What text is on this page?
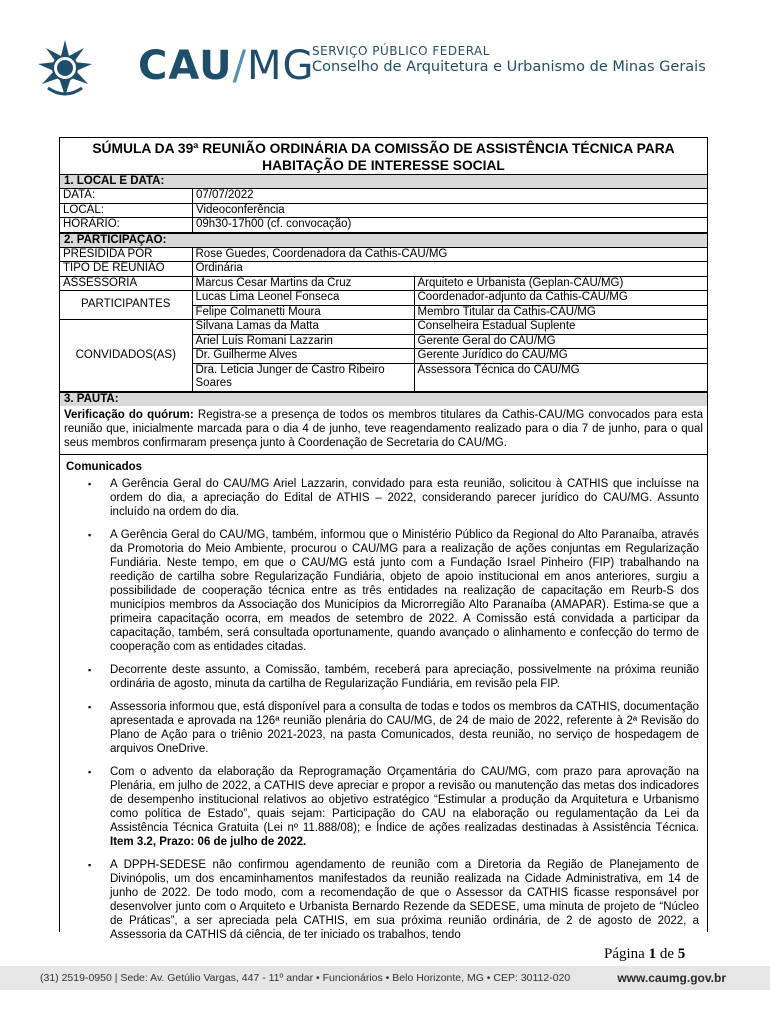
CAU/MG
SERVIÇO PÚBLICO FEDERAL
Conselho de Arquitetura e Urbanismo de Minas Gerais
SÚMULA DA 39ª REUNIÃO ORDINÁRIA DA COMISSÃO DE ASSISTÊNCIA TÉCNICA PARA HABITAÇÃO DE INTERESSE SOCIAL
1. LOCAL E DATA:
DATA:	07/07/2022
LOCAL:	Videoconferência
HORÁRIO:	09h30-17h00 (cf. convocação)
2. PARTICIPAÇÃO:
PRESIDIDA POR	Rose Guedes, Coordenadora da Cathis-CAU/MG	
TIPO DE REUNIÃO	Ordinária	
ASSESSORIA	Marcus Cesar Martins da Cruz	Arquiteto e Urbanista (Geplan-CAU/MG)
PARTICIPANTES	Lucas Lima Leonel Fonseca	Coordenador-adjunto da Cathis-CAU/MG
	Felipe Colmanetti Moura	Membro Titular da Cathis-CAU/MG
CONVIDADOS(AS)	Silvana Lamas da Matta	Conselheira Estadual Suplente
	Ariel Luís Romani Lazzarin	Gerente Geral do CAU/MG
	Dr. Guilherme Alves	Gerente Jurídico do CAU/MG
	Dra. Leticia Junger de Castro Ribeiro Soares	Assessora Técnica do CAU/MG
3. PAUTA:
Verificação do quórum: Registra-se a presença de todos os membros titulares da Cathis-CAU/MG convocados para esta reunião que, inicialmente marcada para o dia 4 de junho, teve reagendamento realizado para o dia 7 de junho, para o qual seus membros confirmaram presença junto à Coordenação de Secretaria do CAU/MG.
Comunicados
▪ A Gerência Geral do CAU/MG Ariel Lazzarin, convidado para esta reunião, solicitou à CATHIS que incluísse na ordem do dia, a apreciação do Edital de ATHIS – 2022, considerando parecer jurídico do CAU/MG. Assunto incluído na ordem do dia.
▪ A Gerência Geral do CAU/MG, também, informou que o Ministério Público da Regional do Alto Paranaíba, através da Promotoria do Meio Ambiente, procurou o CAU/MG para a realização de ações conjuntas em Regularização Fundiária. Neste tempo, em que o CAU/MG está junto com a Fundação Israel Pinheiro (FIP) trabalhando na reedição de cartilha sobre Regularização Fundiária, objeto de apoio institucional em anos anteriores, surgiu a possibilidade de cooperação técnica entre as três entidades na realização de capacitação em Reurb-S dos municípios membros da Associação dos Municípios da Microrregião Alto Paranaíba (AMAPAR). Estima-se que a primeira capacitação ocorra, em meados de setembro de 2022. A Comissão está convidada a participar da capacitação, também, será consultada oportunamente, quando avançado o alinhamento e confecção do termo de cooperação com as entidades citadas.
▪ Decorrente deste assunto, a Comissão, também, receberá para apreciação, possivelmente na próxima reunião ordinária de agosto, minuta da cartilha de Regularização Fundiária, em revisão pela FIP.
▪ Assessoria informou que, está disponível para a consulta de todas e todos os membros da CATHIS, documentação apresentada e aprovada na 126ª reunião plenária do CAU/MG, de 24 de maio de 2022, referente à 2ª Revisão do Plano de Ação para o triênio 2021-2023, na pasta Comunicados, desta reunião, no serviço de hospedagem de arquivos OneDrive.
▪ Com o advento da elaboração da Reprogramação Orçamentária do CAU/MG, com prazo para aprovação na Plenária, em julho de 2022, a CATHIS deve apreciar e propor a revisão ou manutenção das metas dos indicadores de desempenho institucional relativos ao objetivo estratégico “Estimular a produção da Arquitetura e Urbanismo como política de Estado”, quais sejam: Participação do CAU na elaboração ou regulamentação da Lei da Assistência Técnica Gratuita (Lei nº 11.888/08); e Índice de ações realizadas destinadas à Assistência Técnica. Item 3.2, Prazo: 06 de julho de 2022.
▪ A DPPH-SEDESE não confirmou agendamento de reunião com a Diretoria da Região de Planejamento de Divinópolis, um dos encaminhamentos manifestados da reunião realizada na Cidade Administrativa, em 14 de junho de 2022. De todo modo, com a recomendação de que o Assessor da CATHIS ficasse responsável por desenvolver junto com o Arquiteto e Urbanista Bernardo Rezende da SEDESE, uma minuta de projeto de “Núcleo de Práticas”, a ser apreciada pela CATHIS, em sua próxima reunião ordinária, de 2 de agosto de 2022, a Assessoria da CATHIS dá ciência, de ter iniciado os trabalhos, tendo
Página 1 de 5
(31) 2519-0950 | Sede: Av. Getúlio Vargas, 447 - 11º andar • Funcionários • Belo Horizonte, MG • CEP: 30112-020	www.caumg.gov.br
